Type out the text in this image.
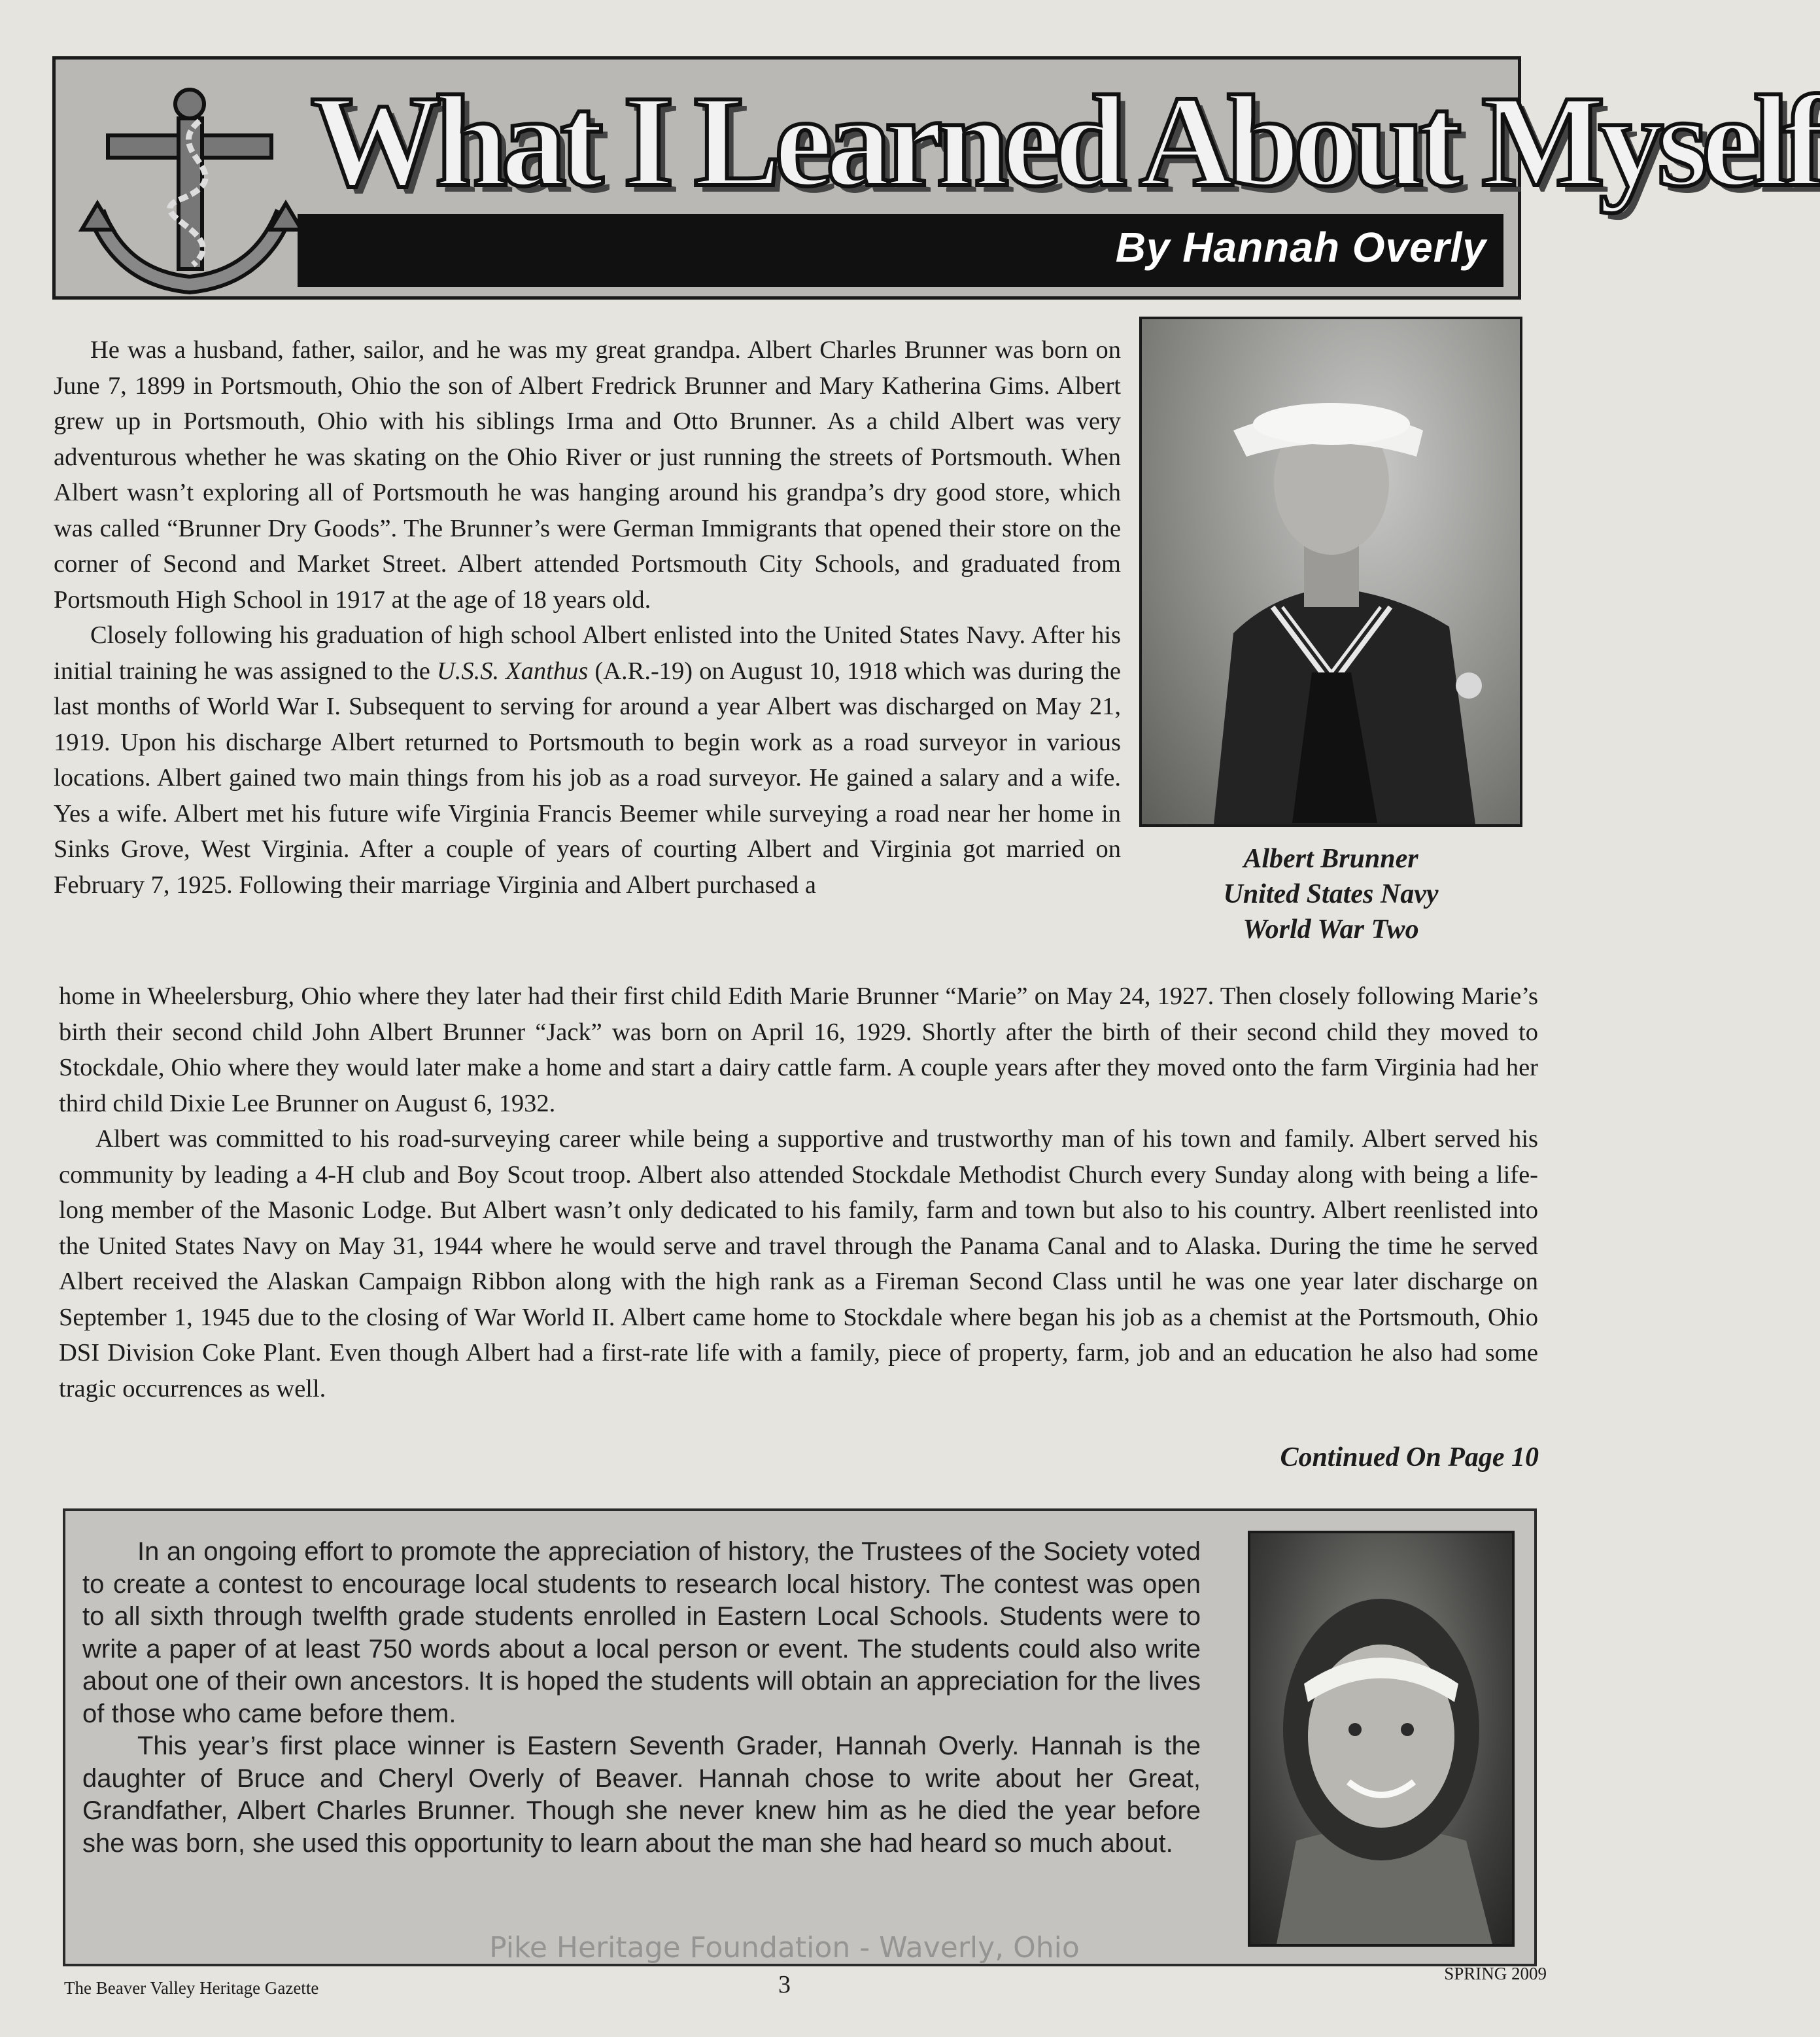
What I Learned About Myself
By Hannah Overly
Albert Brunner
United States Navy
World War Two

He was a husband, father, sailor, and he was my great grandpa. Albert Charles Brunner was born on June 7, 1899 in Portsmouth, Ohio the son of Albert Fredrick Brunner and Mary Katherina Gims. Albert grew up in Portsmouth, Ohio with his siblings Irma and Otto Brunner. As a child Albert was very adventurous whether he was skating on the Ohio River or just running the streets of Portsmouth. When Albert wasn’t exploring all of Portsmouth he was hanging around his grandpa’s dry good store, which was called “Brunner Dry Goods”. The Brunner’s were German Immigrants that opened their store on the corner of Second and Market Street. Albert attended Portsmouth City Schools, and graduated from Portsmouth High School in 1917 at the age of 18 years old.

Closely following his graduation of high school Albert enlisted into the United States Navy. After his initial training he was assigned to the U.S.S. Xanthus (A.R.-19) on August 10, 1918 which was during the last months of World War I. Subsequent to serving for around a year Albert was discharged on May 21, 1919. Upon his discharge Albert returned to Portsmouth to begin work as a road surveyor in various locations. Albert gained two main things from his job as a road surveyor. He gained a salary and a wife. Yes a wife. Albert met his future wife Virginia Francis Beemer while surveying a road near her home in Sinks Grove, West Virginia. After a couple of years of courting Albert and Virginia got married on February 7, 1925. Following their marriage Virginia and Albert purchased a

home in Wheelersburg, Ohio where they later had their first child Edith Marie Brunner “Marie” on May 24, 1927. Then closely following Marie’s birth their second child John Albert Brunner “Jack” was born on April 16, 1929. Shortly after the birth of their second child they moved to Stockdale, Ohio where they would later make a home and start a dairy cattle farm. A couple years after they moved onto the farm Virginia had her third child Dixie Lee Brunner on August 6, 1932.

Albert was committed to his road-surveying career while being a supportive and trustworthy man of his town and family. Albert served his community by leading a 4-H club and Boy Scout troop. Albert also attended Stockdale Methodist Church every Sunday along with being a life-long member of the Masonic Lodge. But Albert wasn’t only dedicated to his family, farm and town but also to his country. Albert reenlisted into the United States Navy on May 31, 1944 where he would serve and travel through the Panama Canal and to Alaska. During the time he served Albert received the Alaskan Campaign Ribbon along with the high rank as a Fireman Second Class until he was one year later discharge on September 1, 1945 due to the closing of War World II. Albert came home to Stockdale where began his job as a chemist at the Portsmouth, Ohio DSI Division Coke Plant. Even though Albert had a first-rate life with a family, piece of property, farm, job and an education he also had some tragic occurrences as well.

Continued On Page 10

In an ongoing effort to promote the appreciation of history, the Trustees of the Society voted to create a contest to encourage local students to research local history. The contest was open to all sixth through twelfth grade students enrolled in Eastern Local Schools. Students were to write a paper of at least 750 words about a local person or event. The students could also write about one of their own ancestors. It is hoped the students will obtain an appreciation for the lives of those who came before them.

This year’s first place winner is Eastern Seventh Grader, Hannah Overly. Hannah is the daughter of Bruce and Cheryl Overly of Beaver. Hannah chose to write about her Great, Grandfather, Albert Charles Brunner. Though she never knew him as he died the year before she was born, she used this opportunity to learn about the man she had heard so much about.

Pike Heritage Foundation - Waverly, Ohio
The Beaver Valley Heritage Gazette	3	SPRING 2009
